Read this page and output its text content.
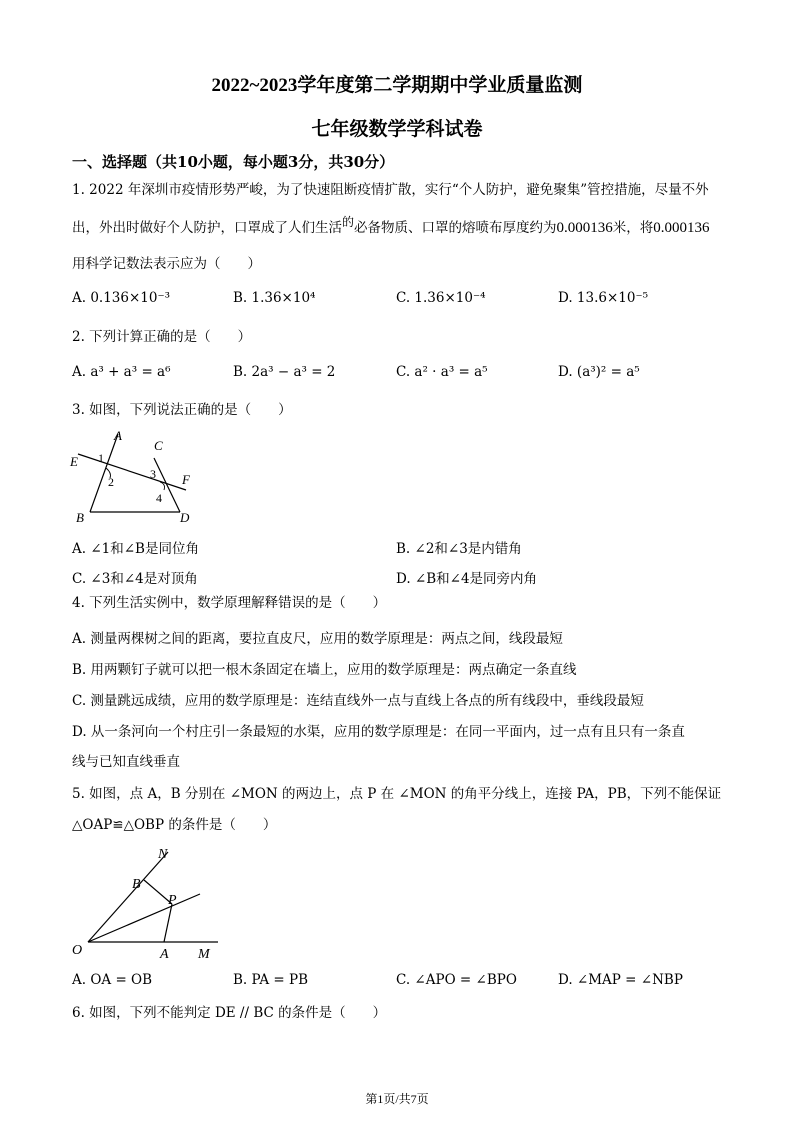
2022~2023学年度第二学期期中学业质量监测
七年级数学学科试卷
一、选择题（共10小题，每小题3分，共30分）
1. 2022 年深圳市疫情形势严峻，为了快速阻断疫情扩散，实行“个人防护，避免聚集”管控措施，尽量不外
出，外出时做好个人防护，口罩成了人们生活的必备物质、口罩的熔喷布厚度约为0.000136米，将0.000136
用科学记数法表示应为（　　）
A. 0.136×10⁻³	B. 1.36×10⁴	C. 1.36×10⁻⁴	D. 13.6×10⁻⁵
2. 下列计算正确的是（　　）
A. a³ + a³ = a⁶	B. 2a³ − a³ = 2	C. a² · a³ = a⁵	D. (a³)² = a⁵
3. 如图，下列说法正确的是（　　）
A
C
E
F
B	D
1
2
3
4
A. ∠1和∠B是同位角	B. ∠2和∠3是内错角
C. ∠3和∠4是对顶角	D. ∠B和∠4是同旁内角
4. 下列生活实例中，数学原理解释错误的是（　　）
A. 测量两棵树之间的距离，要拉直皮尺，应用的数学原理是：两点之间，线段最短
B. 用两颗钉子就可以把一根木条固定在墙上，应用的数学原理是：两点确定一条直线
C. 测量跳远成绩，应用的数学原理是：连结直线外一点与直线上各点的所有线段中，垂线段最短
D. 从一条河向一个村庄引一条最短的水渠，应用的数学原理是：在同一平面内，过一点有且只有一条直
线与已知直线垂直
5. 如图，点 A，B 分别在 ∠MON 的两边上，点 P 在 ∠MON 的角平分线上，连接 PA，PB，下列不能保证
△OAP≌△OBP 的条件是（　　）
N
B
P
O	A M
A. OA = OB	B. PA = PB	C. ∠APO = ∠BPO	D. ∠MAP = ∠NBP
6. 如图，下列不能判定 DE // BC 的条件是（　　）
第1页/共7页
